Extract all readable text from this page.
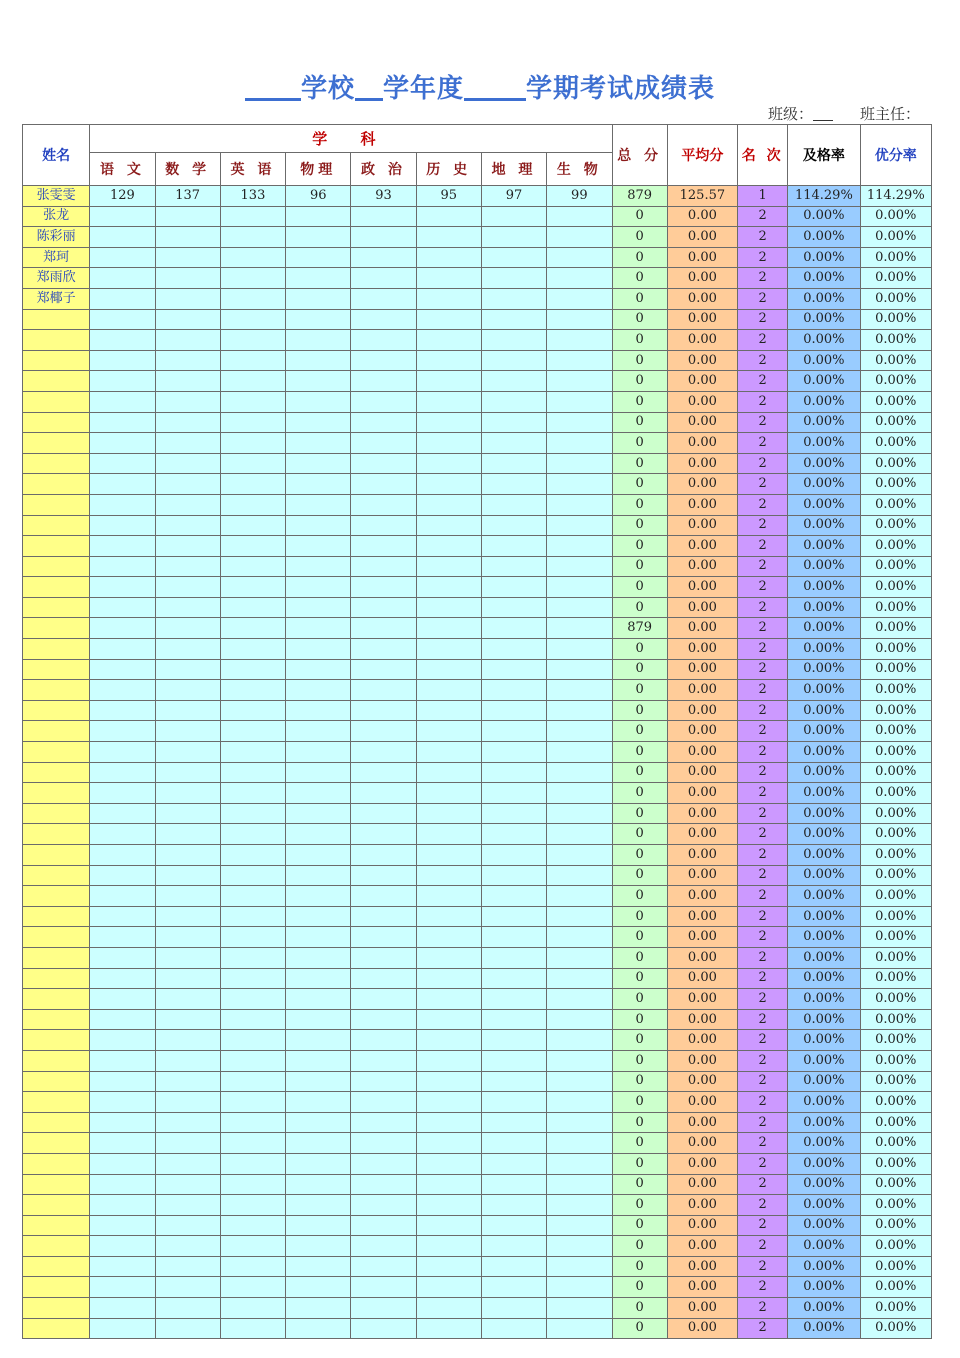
学校 学年度 学期考试成绩表
班级：	班主任：
姓名	学 科								总 分	平均分	名 次	及格率	优分率
	语 文	数 学	英 语	物理	政 治	历 史	地 理	生 物					
张雯雯	129	137	133	96	93	95	97	99	879	125.57	1	114.29%	114.29%
张龙									0	0.00	2	0.00%	0.00%
陈彩丽									0	0.00	2	0.00%	0.00%
郑珂									0	0.00	2	0.00%	0.00%
郑雨欣									0	0.00	2	0.00%	0.00%
郑椰子									0	0.00	2	0.00%	0.00%
									0	0.00	2	0.00%	0.00%
									0	0.00	2	0.00%	0.00%
									0	0.00	2	0.00%	0.00%
									0	0.00	2	0.00%	0.00%
									0	0.00	2	0.00%	0.00%
									0	0.00	2	0.00%	0.00%
									0	0.00	2	0.00%	0.00%
									0	0.00	2	0.00%	0.00%
									0	0.00	2	0.00%	0.00%
									0	0.00	2	0.00%	0.00%
									0	0.00	2	0.00%	0.00%
									0	0.00	2	0.00%	0.00%
									0	0.00	2	0.00%	0.00%
									0	0.00	2	0.00%	0.00%
									0	0.00	2	0.00%	0.00%
									879	0.00	2	0.00%	0.00%
									0	0.00	2	0.00%	0.00%
									0	0.00	2	0.00%	0.00%
									0	0.00	2	0.00%	0.00%
									0	0.00	2	0.00%	0.00%
									0	0.00	2	0.00%	0.00%
									0	0.00	2	0.00%	0.00%
									0	0.00	2	0.00%	0.00%
									0	0.00	2	0.00%	0.00%
									0	0.00	2	0.00%	0.00%
									0	0.00	2	0.00%	0.00%
									0	0.00	2	0.00%	0.00%
									0	0.00	2	0.00%	0.00%
									0	0.00	2	0.00%	0.00%
									0	0.00	2	0.00%	0.00%
									0	0.00	2	0.00%	0.00%
									0	0.00	2	0.00%	0.00%
									0	0.00	2	0.00%	0.00%
									0	0.00	2	0.00%	0.00%
									0	0.00	2	0.00%	0.00%
									0	0.00	2	0.00%	0.00%
									0	0.00	2	0.00%	0.00%
									0	0.00	2	0.00%	0.00%
									0	0.00	2	0.00%	0.00%
									0	0.00	2	0.00%	0.00%
									0	0.00	2	0.00%	0.00%
									0	0.00	2	0.00%	0.00%
									0	0.00	2	0.00%	0.00%
									0	0.00	2	0.00%	0.00%
									0	0.00	2	0.00%	0.00%
									0	0.00	2	0.00%	0.00%
									0	0.00	2	0.00%	0.00%
									0	0.00	2	0.00%	0.00%
									0	0.00	2	0.00%	0.00%
									0	0.00	2	0.00%	0.00%
